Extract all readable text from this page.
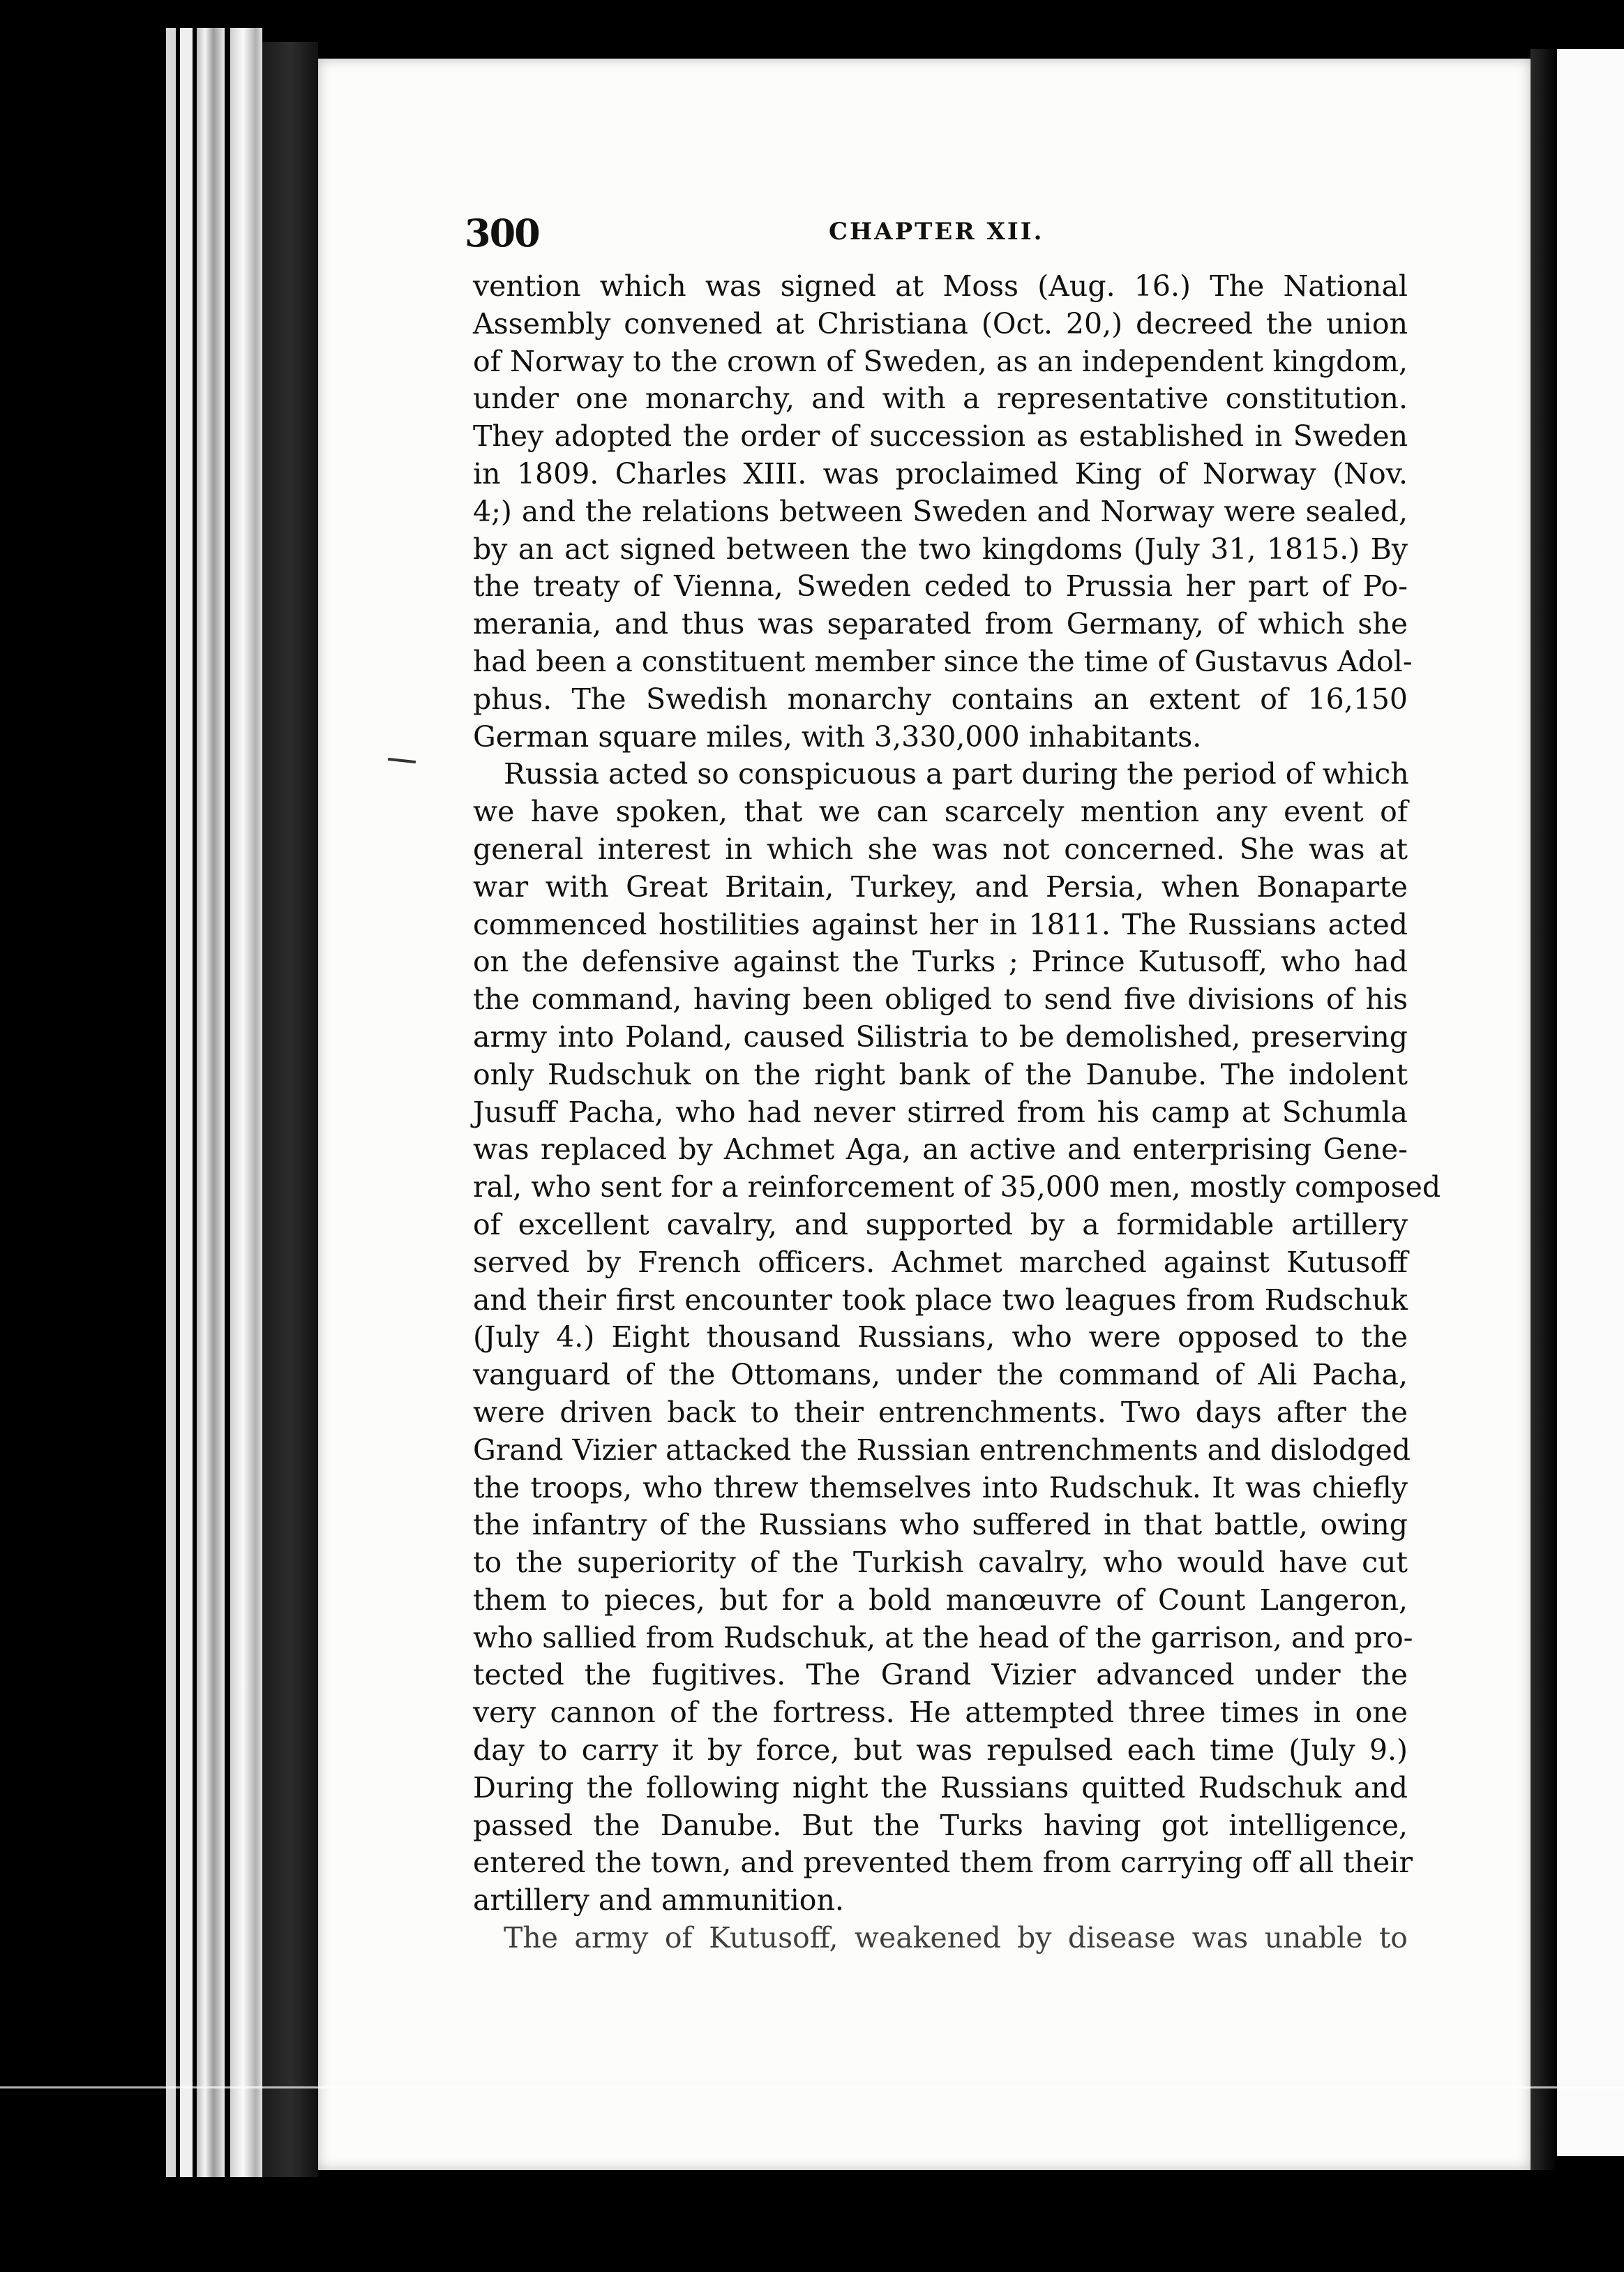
300	CHAPTER XII.
vention which was signed at Moss (Aug. 16.) The National
Assembly convened at Christiana (Oct. 20,) decreed the union
of Norway to the crown of Sweden, as an independent kingdom,
under one monarchy, and with a representative constitution.
They adopted the order of succession as established in Sweden
in 1809. Charles XIII. was proclaimed King of Norway (Nov.
4;) and the relations between Sweden and Norway were sealed,
by an act signed between the two kingdoms (July 31, 1815.) By
the treaty of Vienna, Sweden ceded to Prussia her part of Po-
merania, and thus was separated from Germany, of which she
had been a constituent member since the time of Gustavus Adol-
phus. The Swedish monarchy contains an extent of 16,150
German square miles, with 3,330,000 inhabitants.
Russia acted so conspicuous a part during the period of which
we have spoken, that we can scarcely mention any event of
general interest in which she was not concerned. She was at
war with Great Britain, Turkey, and Persia, when Bonaparte
commenced hostilities against her in 1811. The Russians acted
on the defensive against the Turks ; Prince Kutusoff, who had
the command, having been obliged to send five divisions of his
army into Poland, caused Silistria to be demolished, preserving
only Rudschuk on the right bank of the Danube. The indolent
Jusuff Pacha, who had never stirred from his camp at Schumla
was replaced by Achmet Aga, an active and enterprising Gene-
ral, who sent for a reinforcement of 35,000 men, mostly composed
of excellent cavalry, and supported by a formidable artillery
served by French officers. Achmet marched against Kutusoff
and their first encounter took place two leagues from Rudschuk
(July 4.) Eight thousand Russians, who were opposed to the
vanguard of the Ottomans, under the command of Ali Pacha,
were driven back to their entrenchments. Two days after the
Grand Vizier attacked the Russian entrenchments and dislodged
the troops, who threw themselves into Rudschuk. It was chiefly
the infantry of the Russians who suffered in that battle, owing
to the superiority of the Turkish cavalry, who would have cut
them to pieces, but for a bold manœuvre of Count Langeron,
who sallied from Rudschuk, at the head of the garrison, and pro-
tected the fugitives. The Grand Vizier advanced under the
very cannon of the fortress. He attempted three times in one
day to carry it by force, but was repulsed each time (July 9.)
During the following night the Russians quitted Rudschuk and
passed the Danube. But the Turks having got intelligence,
entered the town, and prevented them from carrying off all their
artillery and ammunition.
The army of Kutusoff, weakened by disease was unable to
